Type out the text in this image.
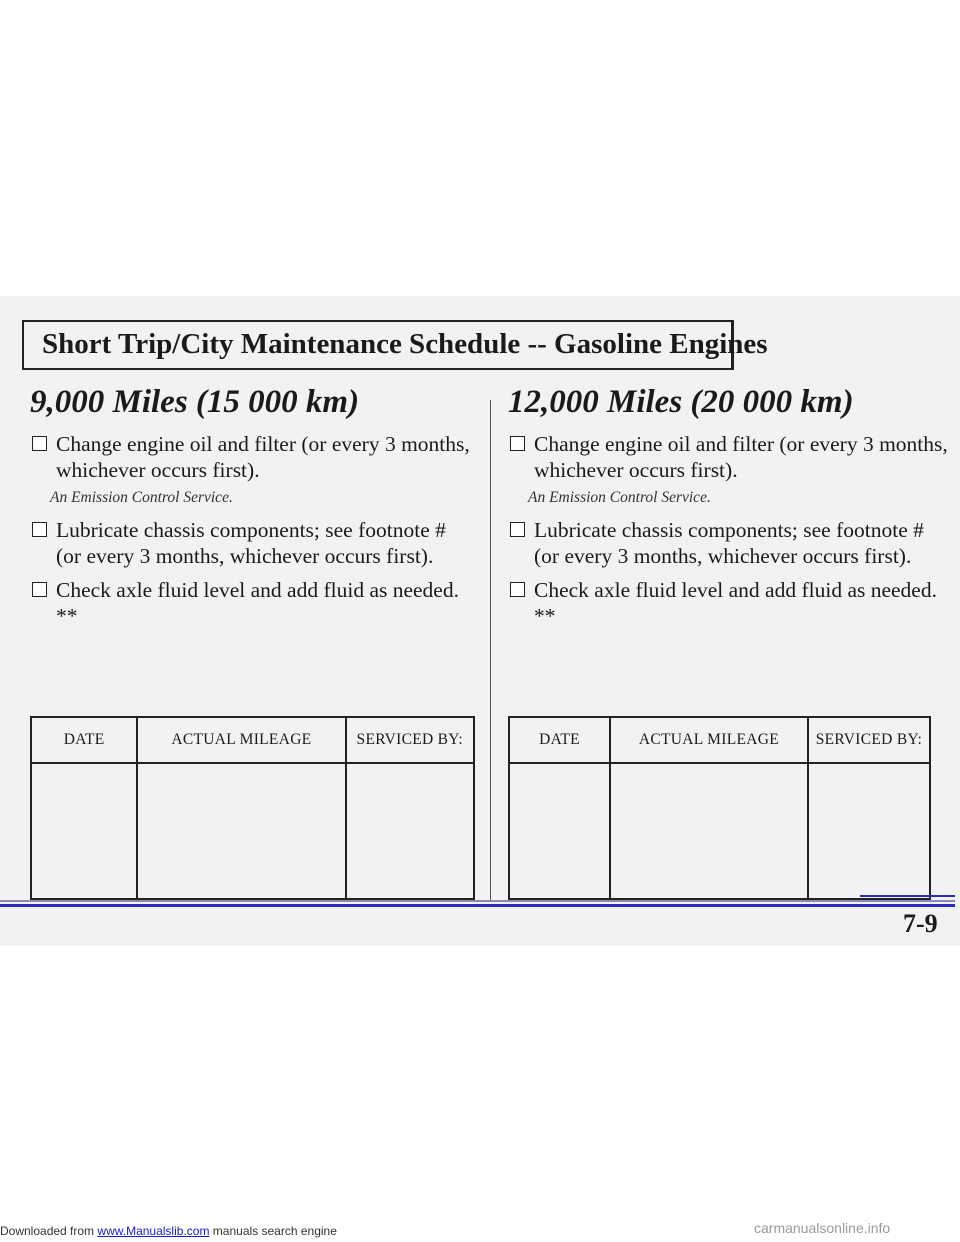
Short Trip/City Maintenance Schedule -- Gasoline Engines
9,000 Miles (15 000 km)
Change engine oil and filter (or every 3 months, whichever occurs first).
An Emission Control Service.
Lubricate chassis components; see footnote # (or every 3 months, whichever occurs first).
Check axle fluid level and add fluid as needed. **
12,000 Miles (20 000 km)
Change engine oil and filter (or every 3 months, whichever occurs first).
An Emission Control Service.
Lubricate chassis components; see footnote # (or every 3 months, whichever occurs first).
Check axle fluid level and add fluid as needed. **
DATE	ACTUAL MILEAGE	SERVICED BY:
			DATE	ACTUAL MILEAGE	SERVICED BY:

7-9
Downloaded from www.Manualslib.com manuals search engine	carmanualsonline.info
